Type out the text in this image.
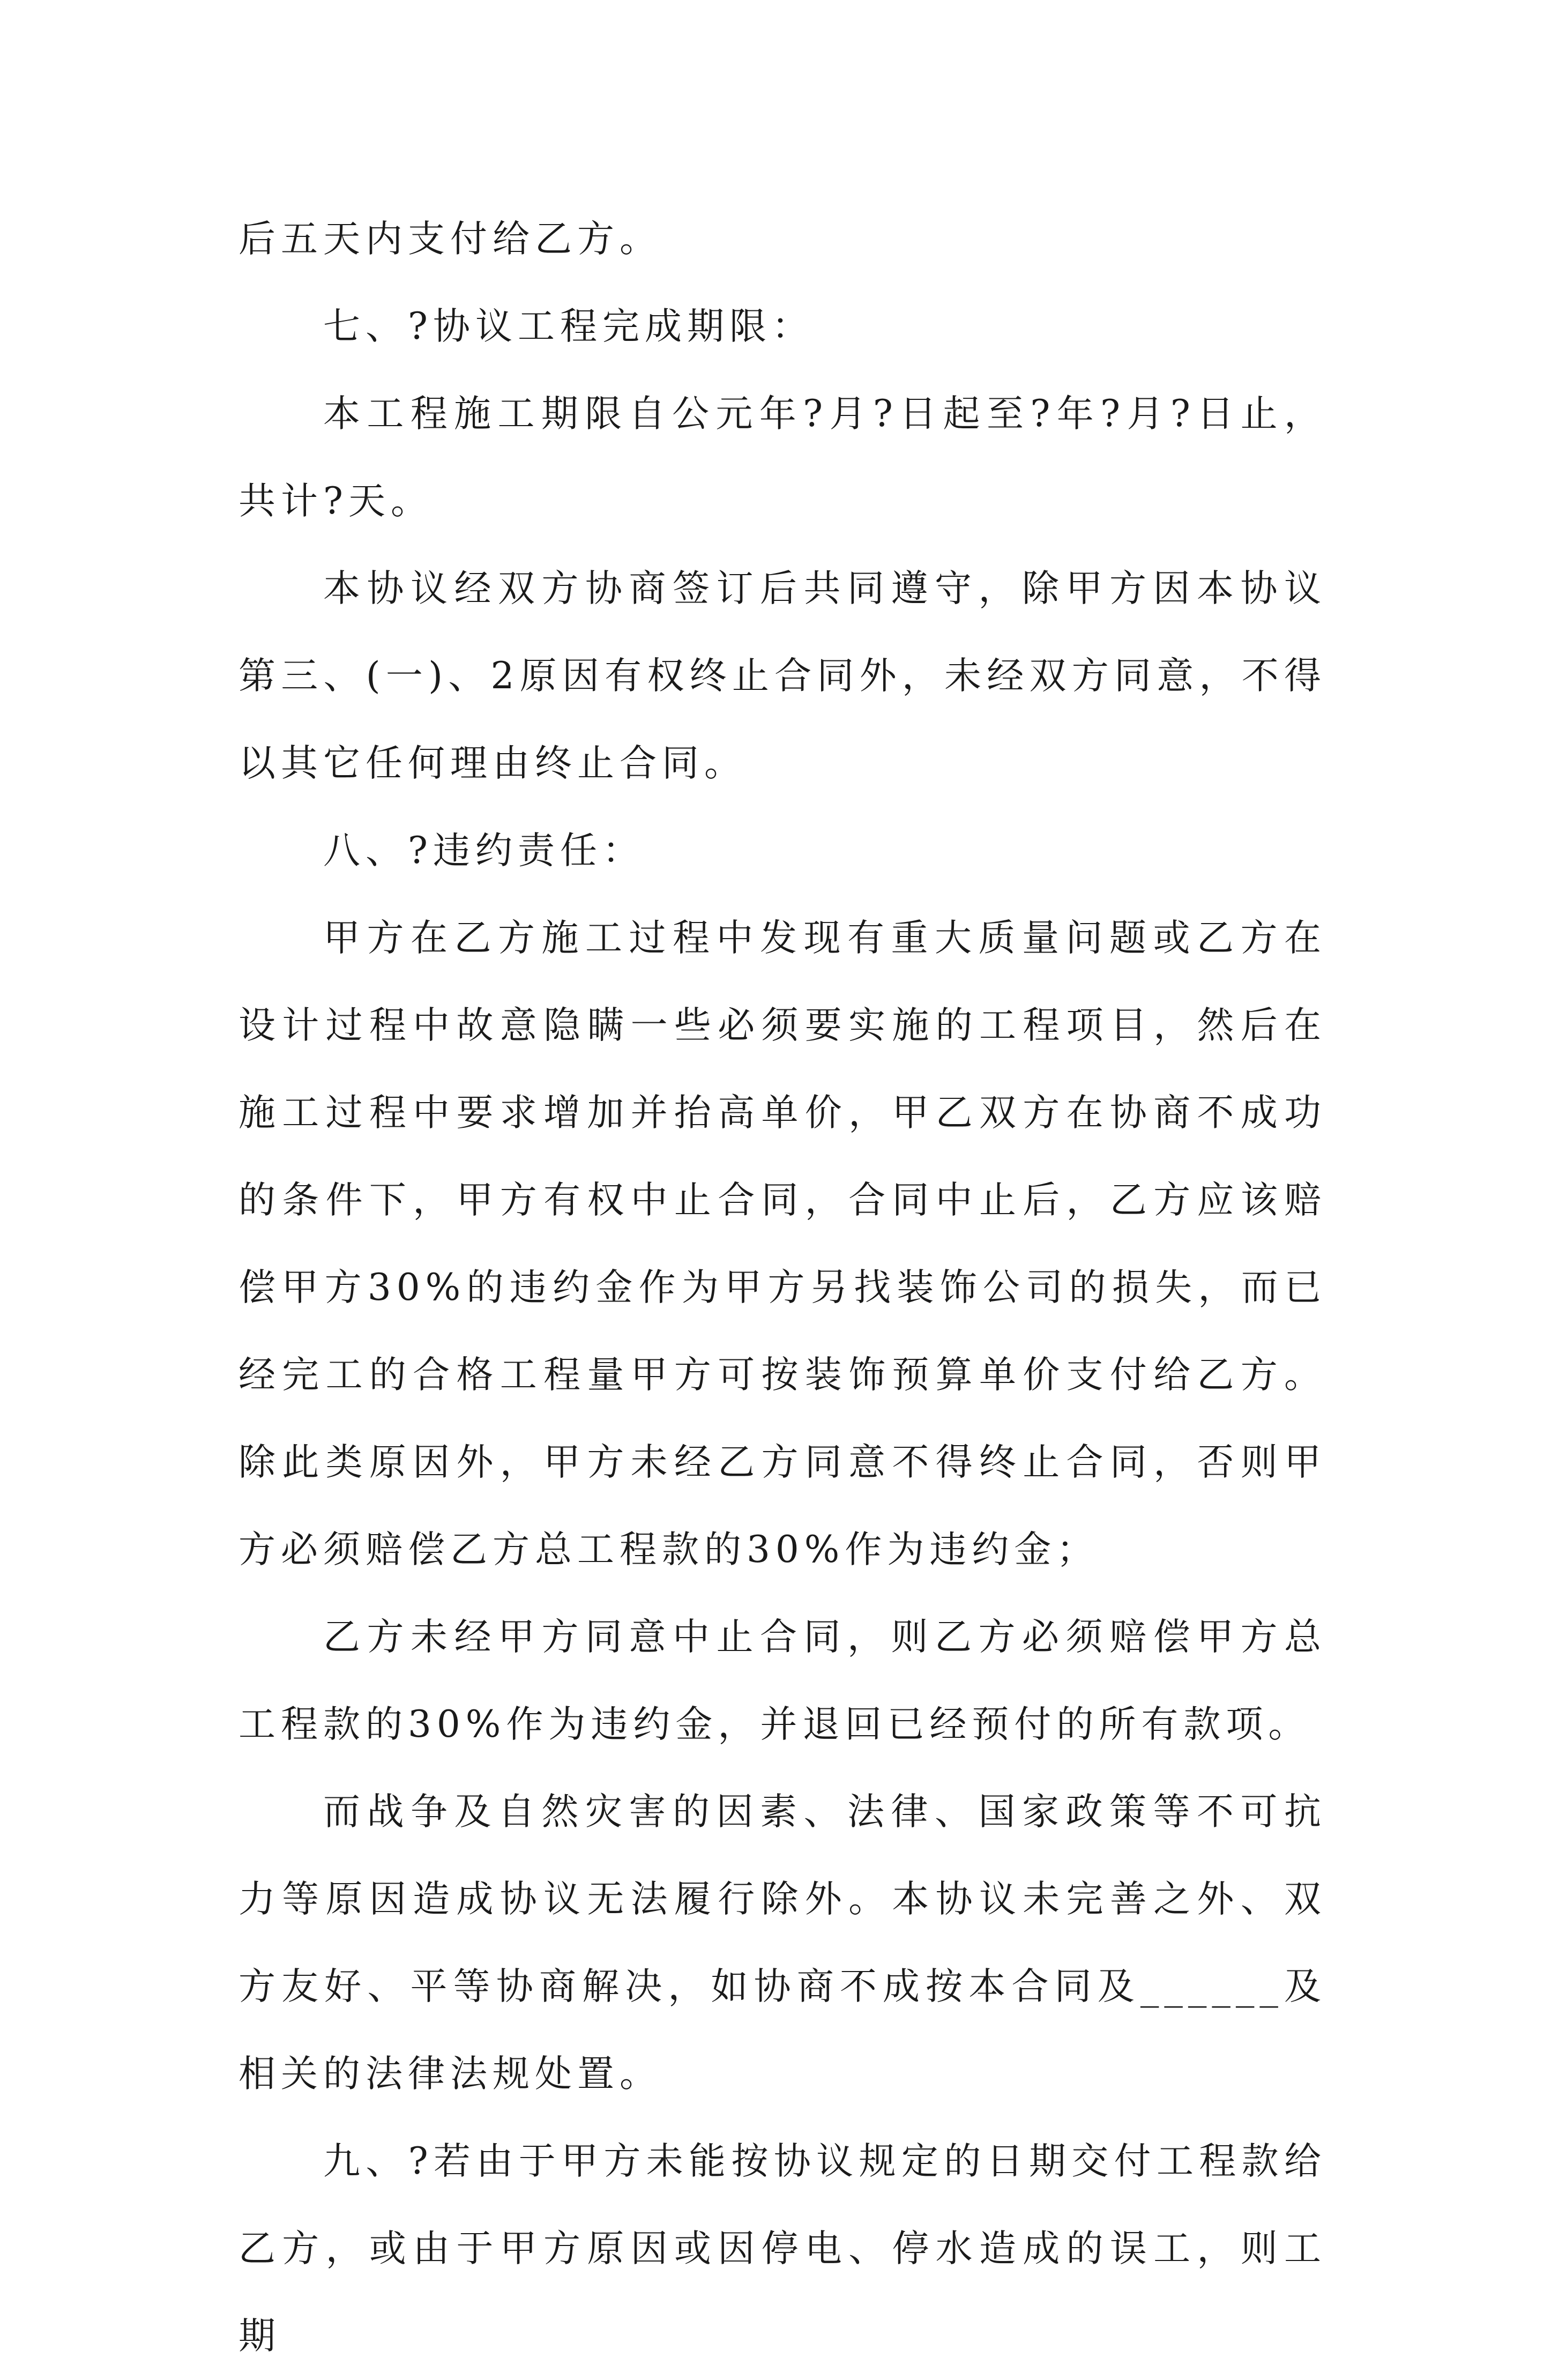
后五天内支付给乙方。

七、?协议工程完成期限：

本工程施工期限自公元年?月?日起至?年?月?日止，共计?天。

本协议经双方协商签订后共同遵守，除甲方因本协议第三、(一)、2原因有权终止合同外，未经双方同意，不得以其它任何理由终止合同。

八、?违约责任：

甲方在乙方施工过程中发现有重大质量问题或乙方在设计过程中故意隐瞒一些必须要实施的工程项目，然后在施工过程中要求增加并抬高单价，甲乙双方在协商不成功的条件下，甲方有权中止合同，合同中止后，乙方应该赔偿甲方30%的违约金作为甲方另找装饰公司的损失，而已经完工的合格工程量甲方可按装饰预算单价支付给乙方。除此类原因外，甲方未经乙方同意不得终止合同，否则甲方必须赔偿乙方总工程款的30%作为违约金；

乙方未经甲方同意中止合同，则乙方必须赔偿甲方总工程款的30%作为违约金，并退回已经预付的所有款项。

而战争及自然灾害的因素、法律、国家政策等不可抗力等原因造成协议无法履行除外。本协议未完善之外、双方友好、平等协商解决，如协商不成按本合同及______及相关的法律法规处置。

九、?若由于甲方未能按协议规定的日期交付工程款给乙方，或由于甲方原因或因停电、停水造成的误工，则工期
